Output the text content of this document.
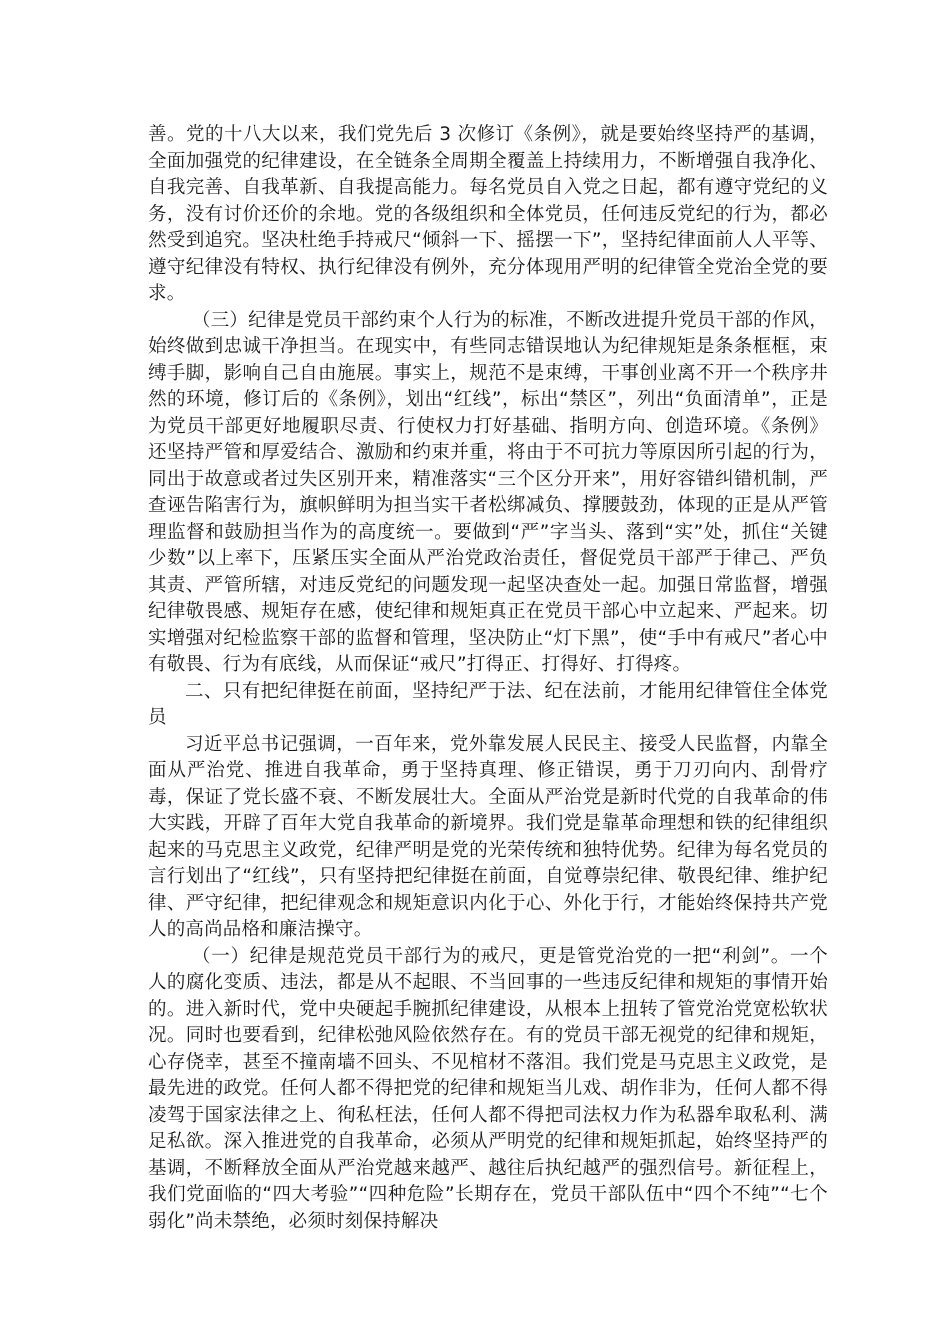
善。党的十八大以来，我们党先后 3 次修订《条例》，就是要始终坚持严的基调，全面加强党的纪律建设，在全链条全周期全覆盖上持续用力，不断增强自我净化、自我完善、自我革新、自我提高能力。每名党员自入党之日起，都有遵守党纪的义务，没有讨价还价的余地。党的各级组织和全体党员，任何违反党纪的行为，都必然受到追究。坚决杜绝手持戒尺“倾斜一下、摇摆一下”，坚持纪律面前人人平等、遵守纪律没有特权、执行纪律没有例外，充分体现用严明的纪律管全党治全党的要求。

（三）纪律是党员干部约束个人行为的标准，不断改进提升党员干部的作风，始终做到忠诚干净担当。在现实中，有些同志错误地认为纪律规矩是条条框框，束缚手脚，影响自己自由施展。事实上，规范不是束缚，干事创业离不开一个秩序井然的环境，修订后的《条例》，划出“红线”，标出“禁区”，列出“负面清单”，正是为党员干部更好地履职尽责、行使权力打好基础、指明方向、创造环境。《条例》还坚持严管和厚爱结合、激励和约束并重，将由于不可抗力等原因所引起的行为，同出于故意或者过失区别开来，精准落实“三个区分开来”，用好容错纠错机制，严查诬告陷害行为，旗帜鲜明为担当实干者松绑减负、撑腰鼓劲，体现的正是从严管理监督和鼓励担当作为的高度统一。要做到“严”字当头、落到“实”处，抓住“关键少数”以上率下，压紧压实全面从严治党政治责任，督促党员干部严于律己、严负其责、严管所辖，对违反党纪的问题发现一起坚决查处一起。加强日常监督，增强纪律敬畏感、规矩存在感，使纪律和规矩真正在党员干部心中立起来、严起来。切实增强对纪检监察干部的监督和管理，坚决防止“灯下黑”，使“手中有戒尺”者心中有敬畏、行为有底线，从而保证“戒尺”打得正、打得好、打得疼。

二、只有把纪律挺在前面，坚持纪严于法、纪在法前，才能用纪律管住全体党员

习近平总书记强调，一百年来，党外靠发展人民民主、接受人民监督，内靠全面从严治党、推进自我革命，勇于坚持真理、修正错误，勇于刀刃向内、刮骨疗毒，保证了党长盛不衰、不断发展壮大。全面从严治党是新时代党的自我革命的伟大实践，开辟了百年大党自我革命的新境界。我们党是靠革命理想和铁的纪律组织起来的马克思主义政党，纪律严明是党的光荣传统和独特优势。纪律为每名党员的言行划出了“红线”，只有坚持把纪律挺在前面，自觉尊崇纪律、敬畏纪律、维护纪律、严守纪律，把纪律观念和规矩意识内化于心、外化于行，才能始终保持共产党人的高尚品格和廉洁操守。

（一）纪律是规范党员干部行为的戒尺，更是管党治党的一把“利剑”。一个人的腐化变质、违法，都是从不起眼、不当回事的一些违反纪律和规矩的事情开始的。进入新时代，党中央硬起手腕抓纪律建设，从根本上扭转了管党治党宽松软状况。同时也要看到，纪律松弛风险依然存在。有的党员干部无视党的纪律和规矩，心存侥幸，甚至不撞南墙不回头、不见棺材不落泪。我们党是马克思主义政党，是最先进的政党。任何人都不得把党的纪律和规矩当儿戏、胡作非为，任何人都不得凌驾于国家法律之上、徇私枉法，任何人都不得把司法权力作为私器牟取私利、满足私欲。深入推进党的自我革命，必须从严明党的纪律和规矩抓起，始终坚持严的基调，不断释放全面从严治党越来越严、越往后执纪越严的强烈信号。新征程上，我们党面临的“四大考验”“四种危险”长期存在，党员干部队伍中“四个不纯”“七个弱化”尚未禁绝，必须时刻保持解决
